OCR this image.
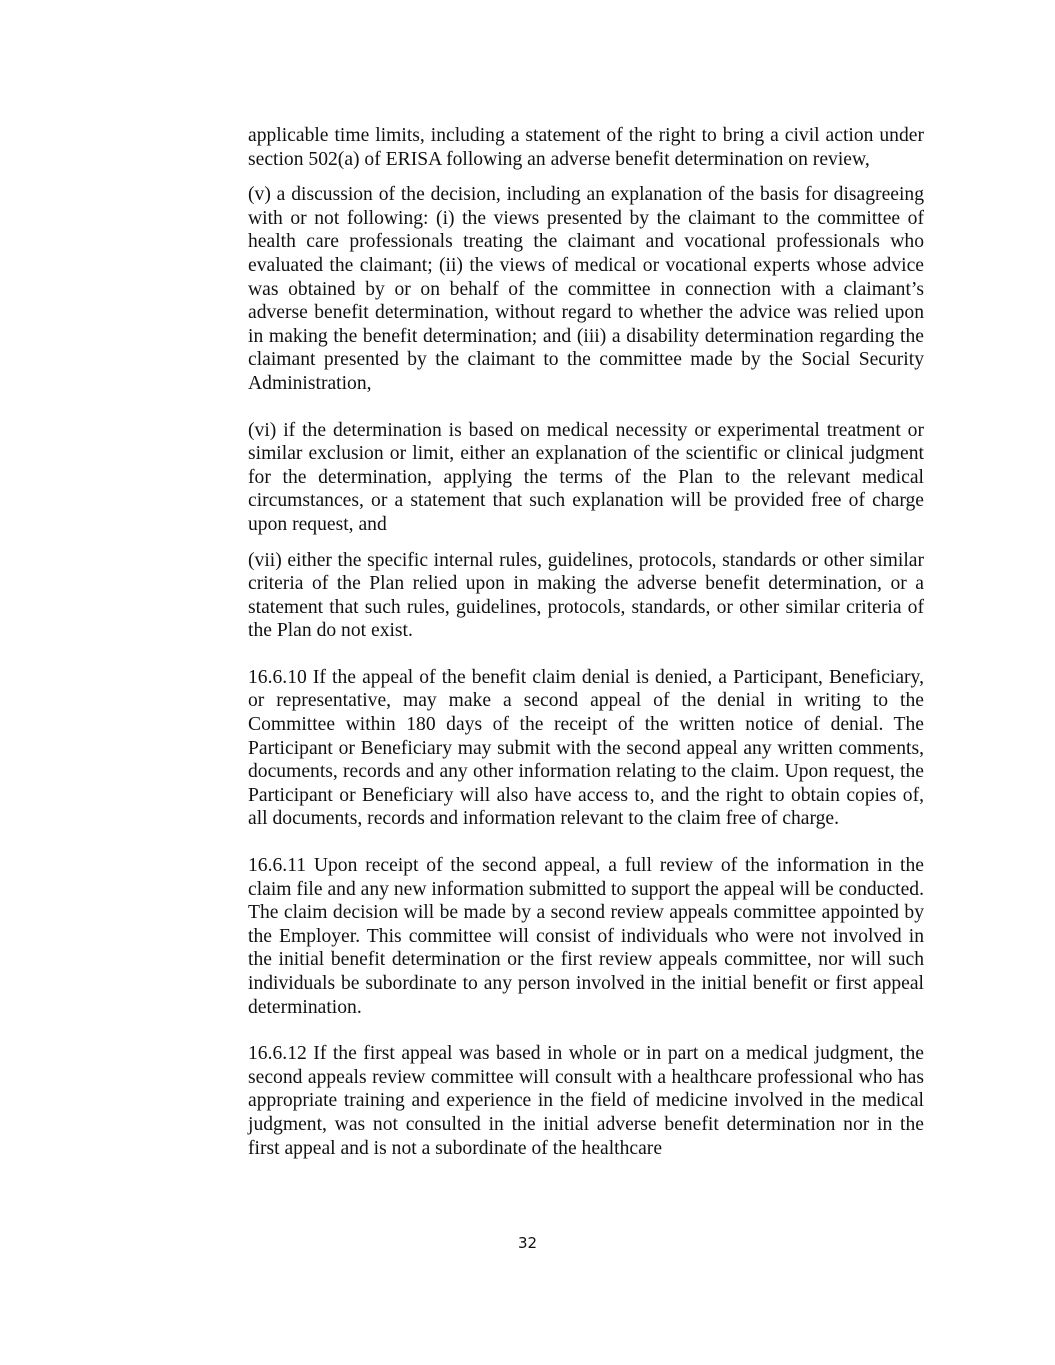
applicable time limits, including a statement of the right to bring a civil action under section 502(a) of ERISA following an adverse benefit determination on review,

(v) a discussion of the decision, including an explanation of the basis for disagreeing with or not following: (i) the views presented by the claimant to the committee of health care professionals treating the claimant and vocational professionals who evaluated the claimant; (ii) the views of medical or vocational experts whose advice was obtained by or on behalf of the committee in connection with a claimant’s adverse benefit determination, without regard to whether the advice was relied upon in making the benefit determination; and (iii) a disability determination regarding the claimant presented by the claimant to the committee made by the Social Security Administration,

(vi) if the determination is based on medical necessity or experimental treatment or similar exclusion or limit, either an explanation of the scientific or clinical judgment for the determination, applying the terms of the Plan to the relevant medical circumstances, or a statement that such explanation will be provided free of charge upon request, and

(vii) either the specific internal rules, guidelines, protocols, standards or other similar criteria of the Plan relied upon in making the adverse benefit determination, or a statement that such rules, guidelines, protocols, standards, or other similar criteria of the Plan do not exist.

16.6.10 If the appeal of the benefit claim denial is denied, a Participant, Beneficiary, or representative, may make a second appeal of the denial in writing to the Committee within 180 days of the receipt of the written notice of denial. The Participant or Beneficiary may submit with the second appeal any written comments, documents, records and any other information relating to the claim. Upon request, the Participant or Beneficiary will also have access to, and the right to obtain copies of, all documents, records and information relevant to the claim free of charge.

16.6.11 Upon receipt of the second appeal, a full review of the information in the claim file and any new information submitted to support the appeal will be conducted. The claim decision will be made by a second review appeals committee appointed by the Employer. This committee will consist of individuals who were not involved in the initial benefit determination or the first review appeals committee, nor will such individuals be subordinate to any person involved in the initial benefit or first appeal determination.

16.6.12 If the first appeal was based in whole or in part on a medical judgment, the second appeals review committee will consult with a healthcare professional who has appropriate training and experience in the field of medicine involved in the medical judgment, was not consulted in the initial adverse benefit determination nor in the first appeal and is not a subordinate of the healthcare

32
